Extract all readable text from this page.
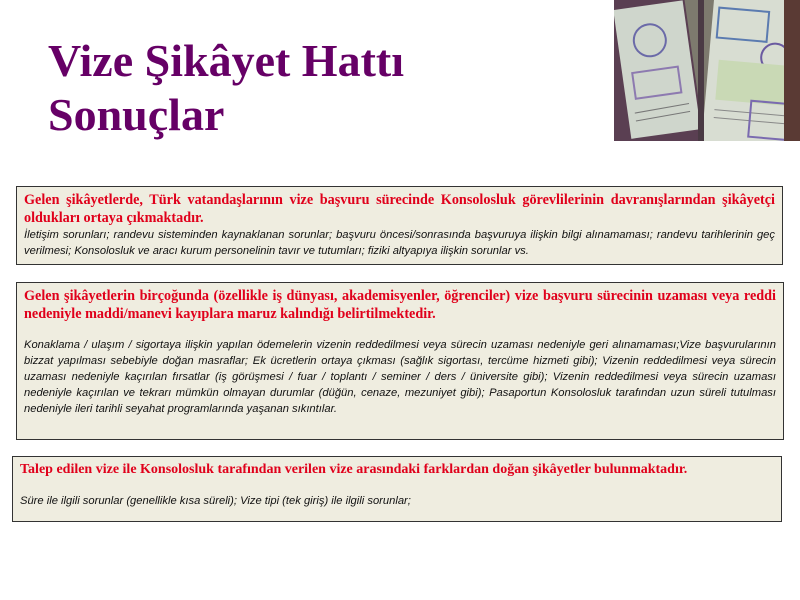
Vize Şikâyet Hattı
Sonuçlar

Gelen şikâyetlerde, Türk vatandaşlarının vize başvuru sürecinde Konsolosluk görevlilerinin davranışlarından şikâyetçi oldukları ortaya çıkmaktadır.

İletişim sorunları; randevu sisteminden kaynaklanan sorunlar; başvuru öncesi/sonrasında başvuruya ilişkin bilgi alınamaması; randevu tarihlerinin geç verilmesi; Konsolosluk ve aracı kurum personelinin tavır ve tutumları; fiziki altyapıya ilişkin sorunlar vs.

Gelen şikâyetlerin birçoğunda (özellikle iş dünyası, akademisyenler, öğrenciler) vize başvuru sürecinin uzaması veya reddi nedeniyle maddi/manevi kayıplara maruz kalındığı belirtilmektedir.

Konaklama / ulaşım / sigortaya ilişkin yapılan ödemelerin vizenin reddedilmesi veya sürecin uzaması nedeniyle geri alınamaması;Vize başvurularının bizzat yapılması sebebiyle doğan masraflar; Ek ücretlerin ortaya çıkması (sağlık sigortası, tercüme hizmeti gibi); Vizenin reddedilmesi veya sürecin uzaması nedeniyle kaçırılan fırsatlar (iş görüşmesi / fuar / toplantı / seminer / ders / üniversite gibi); Vizenin reddedilmesi veya sürecin uzaması nedeniyle kaçırılan ve tekrarı mümkün olmayan durumlar (düğün, cenaze, mezuniyet gibi); Pasaportun Konsolosluk tarafından uzun süreli tutulması nedeniyle ileri tarihli seyahat programlarında yaşanan sıkıntılar.

Talep edilen vize ile Konsolosluk tarafından verilen vize arasındaki farklardan doğan şikâyetler bulunmaktadır.

Süre ile ilgili sorunlar (genellikle kısa süreli); Vize tipi (tek giriş) ile ilgili sorunlar;
